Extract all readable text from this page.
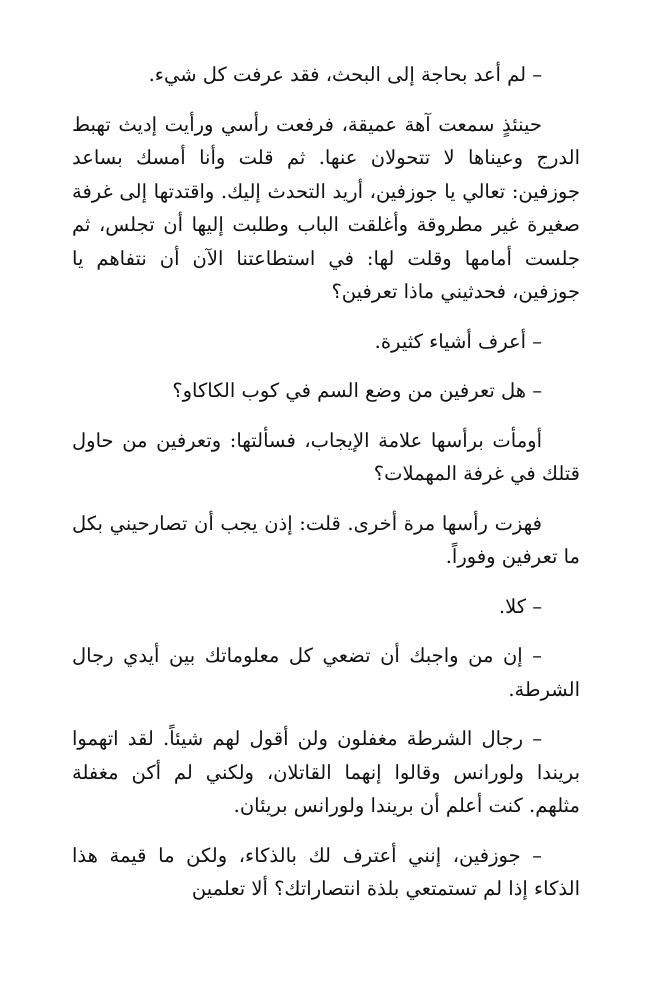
– لم أعد بحاجة إلى البحث، فقد عرفت كل شيء.

حينئذٍ سمعت آهة عميقة، فرفعت رأسي ورأيت إديث تهبط الدرج وعيناها لا تتحولان عنها. ثم قلت وأنا أمسك بساعد جوزفين: تعالي يا جوزفين، أريد التحدث إليك. واقتدتها إلى غرفة صغيرة غير مطروقة وأغلقت الباب وطلبت إليها أن تجلس، ثم جلست أمامها وقلت لها: في استطاعتنا الآن أن نتفاهم يا جوزفين، فحدثيني ماذا تعرفين؟

– أعرف أشياء كثيرة.

– هل تعرفين من وضع السم في كوب الكاكاو؟

أومأت برأسها علامة الإيجاب، فسألتها: وتعرفين من حاول قتلك في غرفة المهملات؟

فهزت رأسها مرة أخرى. قلت: إذن يجب أن تصارحيني بكل ما تعرفين وفوراً.

– كلا.

– إن من واجبك أن تضعي كل معلوماتك بين أيدي رجال الشرطة.

– رجال الشرطة مغفلون ولن أقول لهم شيئاً. لقد اتهموا بريندا ولورانس وقالوا إنهما القاتلان، ولكني لم أكن مغفلة مثلهم. كنت أعلم أن بريندا ولورانس بريئان.

– جوزفين، إنني أعترف لك بالذكاء، ولكن ما قيمة هذا الذكاء إذا لم تستمتعي بلذة انتصاراتك؟ ألا تعلمين
